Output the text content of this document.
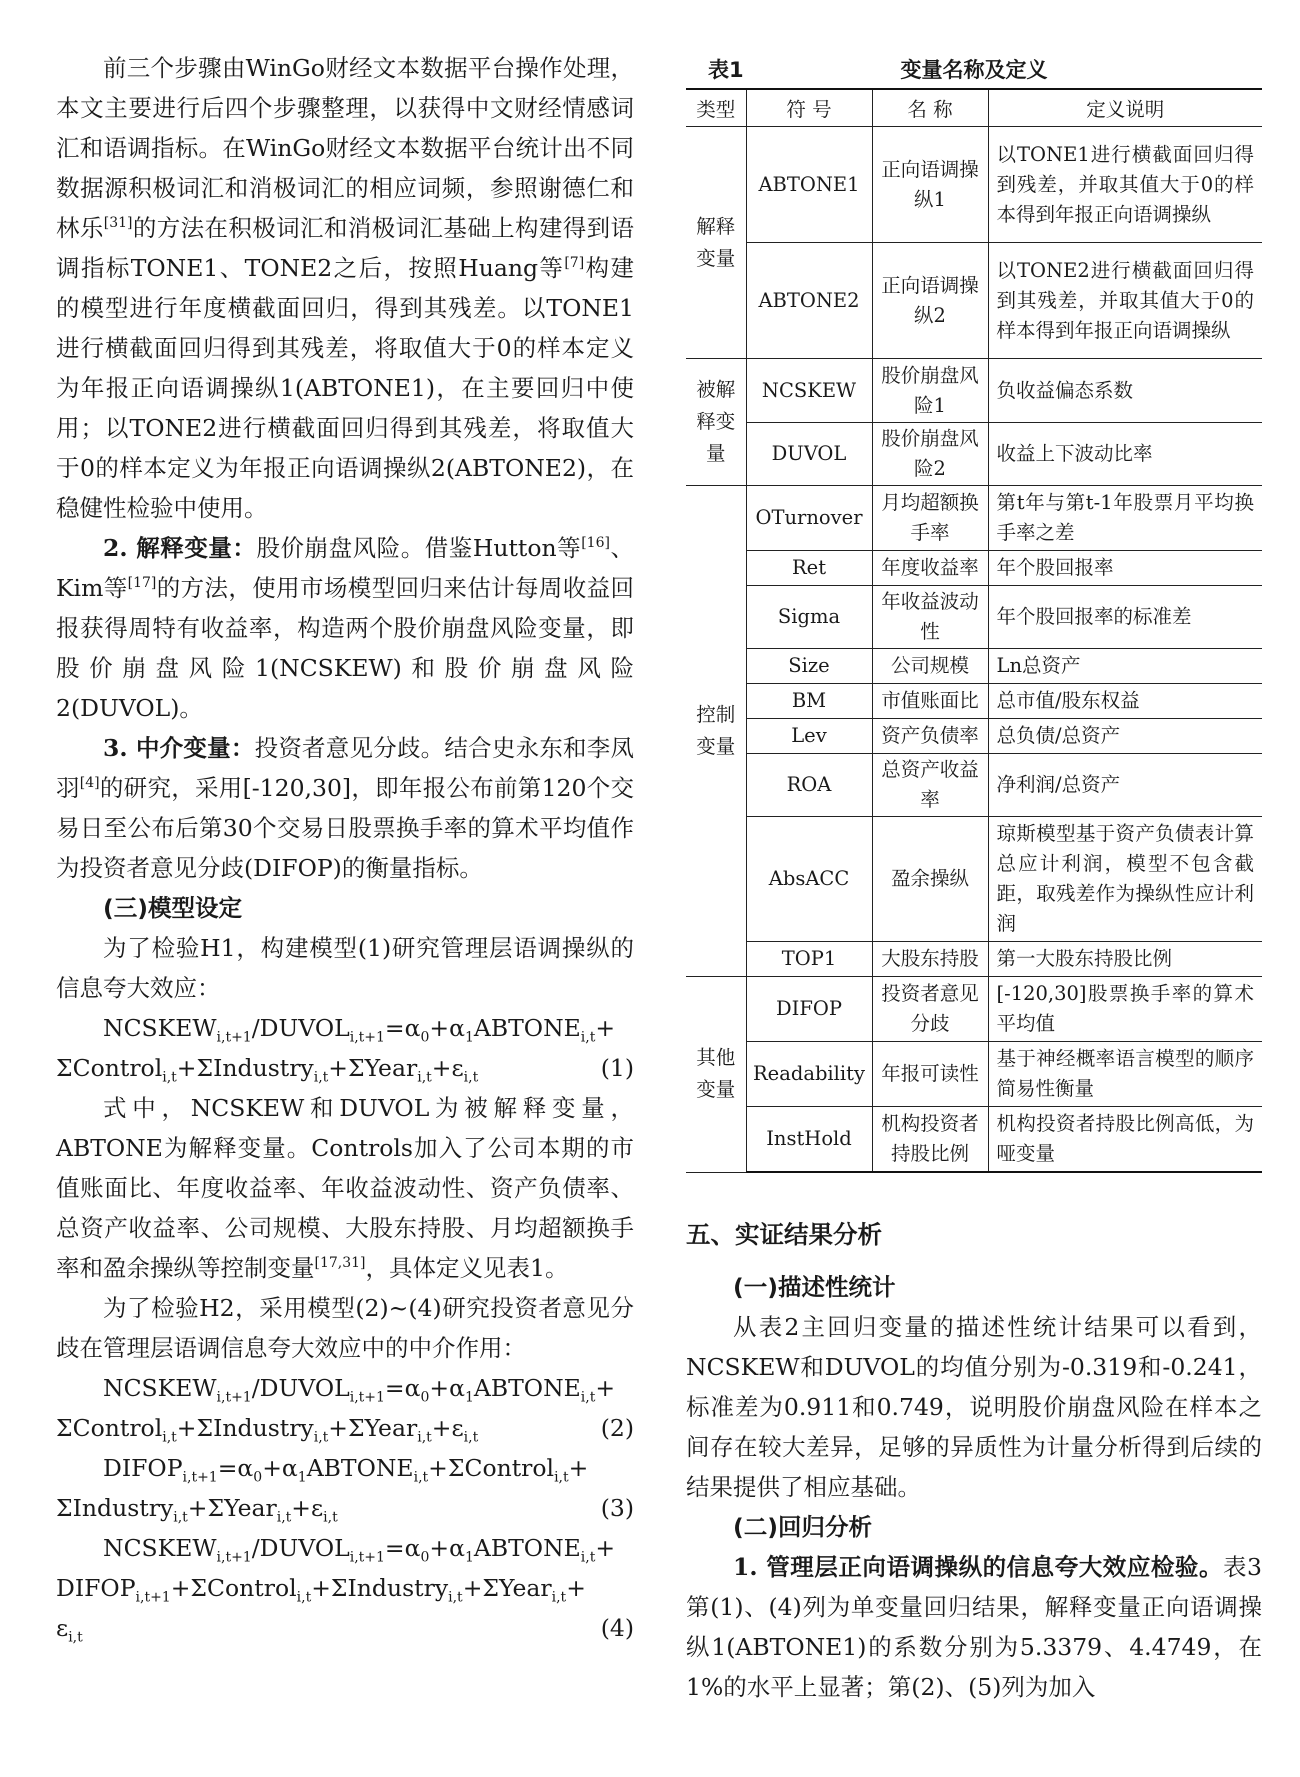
前三个步骤由WinGo财经文本数据平台操作处理，本文主要进行后四个步骤整理，以获得中文财经情感词汇和语调指标。在WinGo财经文本数据平台统计出不同数据源积极词汇和消极词汇的相应词频，参照谢德仁和林乐[31]的方法在积极词汇和消极词汇基础上构建得到语调指标TONE1、TONE2之后，按照Huang等[7]构建的模型进行年度横截面回归，得到其残差。以TONE1进行横截面回归得到其残差，将取值大于0的样本定义为年报正向语调操纵1(ABTONE1)，在主要回归中使用；以TONE2进行横截面回归得到其残差，将取值大于0的样本定义为年报正向语调操纵2(ABTONE2)，在稳健性检验中使用。

2. 解释变量：股价崩盘风险。借鉴Hutton等[16]、Kim等[17]的方法，使用市场模型回归来估计每周收益回报获得周特有收益率，构造两个股价崩盘风险变量，即股价崩盘风险1(NCSKEW)和股价崩盘风险2(DUVOL)。

3. 中介变量：投资者意见分歧。结合史永东和李凤羽[4]的研究，采用[-120,30]，即年报公布前第120个交易日至公布后第30个交易日股票换手率的算术平均值作为投资者意见分歧(DIFOP)的衡量指标。

(三)模型设定

为了检验H1，构建模型(1)研究管理层语调操纵的信息夸大效应：

$NCSKEW_{i,t+1}/DUVOL_{i,t+1}=\alpha_0+\alpha_1ABTONE_{i,t}+$

$\Sigma Control_{i,t}+\Sigma Industry_{i,t}+\Sigma Year_{i,t}+\varepsilon_{i,t}$	(1)

式中，NCSKEW和DUVOL为被解释变量，ABTONE为解释变量。Controls加入了公司本期的市值账面比、年度收益率、年收益波动性、资产负债率、总资产收益率、公司规模、大股东持股、月均超额换手率和盈余操纵等控制变量[17,31]，具体定义见表1。

为了检验H2，采用模型(2)~(4)研究投资者意见分歧在管理层语调信息夸大效应中的中介作用：

$NCSKEW_{i,t+1}/DUVOL_{i,t+1}=\alpha_0+\alpha_1ABTONE_{i,t}+$

$\Sigma Control_{i,t}+\Sigma Industry_{i,t}+\Sigma Year_{i,t}+\varepsilon_{i,t}$	(2)

$DIFOP_{i,t+1}=\alpha_0+\alpha_1ABTONE_{i,t}+\Sigma Control_{i,t}+$

$\Sigma Industry_{i,t}+\Sigma Year_{i,t}+\varepsilon_{i,t}$	(3)

$NCSKEW_{i,t+1}/DUVOL_{i,t+1}=\alpha_0+\alpha_1ABTONE_{i,t}+$

$DIFOP_{i,t+1}+\Sigma Control_{i,t}+\Sigma Industry_{i,t}+\Sigma Year_{i,t}+$

$\varepsilon_{i,t}$	(4)

表1	变量名称及定义
类型	符 号	名 称	定义说明
解释变量	ABTONE1	正向语调操纵1	以TONE1进行横截面回归得到残差，并取其值大于0的样本得到年报正向语调操纵
	ABTONE2	正向语调操纵2	以TONE2进行横截面回归得到其残差，并取其值大于0的样本得到年报正向语调操纵
被解释变量	NCSKEW	股价崩盘风险1	负收益偏态系数
	DUVOL	股价崩盘风险2	收益上下波动比率
控制变量	OTurnover	月均超额换手率	第t年与第t-1年股票月平均换手率之差
	Ret	年度收益率	年个股回报率
	Sigma	年收益波动性	年个股回报率的标准差
	Size	公司规模	Ln总资产
	BM	市值账面比	总市值/股东权益
	Lev	资产负债率	总负债/总资产
	ROA	总资产收益率	净利润/总资产
	AbsACC	盈余操纵	琼斯模型基于资产负债表计算总应计利润，模型不包含截距，取残差作为操纵性应计利润
	TOP1	大股东持股	第一大股东持股比例
其他变量	DIFOP	投资者意见分歧	[-120,30]股票换手率的算术平均值
	Readability	年报可读性	基于神经概率语言模型的顺序简易性衡量
	InstHold	机构投资者持股比例	机构投资者持股比例高低，为哑变量

五、实证结果分析

(一)描述性统计

从表2主回归变量的描述性统计结果可以看到，NCSKEW和DUVOL的均值分别为-0.319和-0.241，标准差为0.911和0.749，说明股价崩盘风险在样本之间存在较大差异，足够的异质性为计量分析得到后续的结果提供了相应基础。

(二)回归分析

1. 管理层正向语调操纵的信息夸大效应检验。表3第(1)、(4)列为单变量回归结果，解释变量正向语调操纵1(ABTONE1)的系数分别为5.3379、4.4749，在1%的水平上显著；第(2)、(5)列为加入
